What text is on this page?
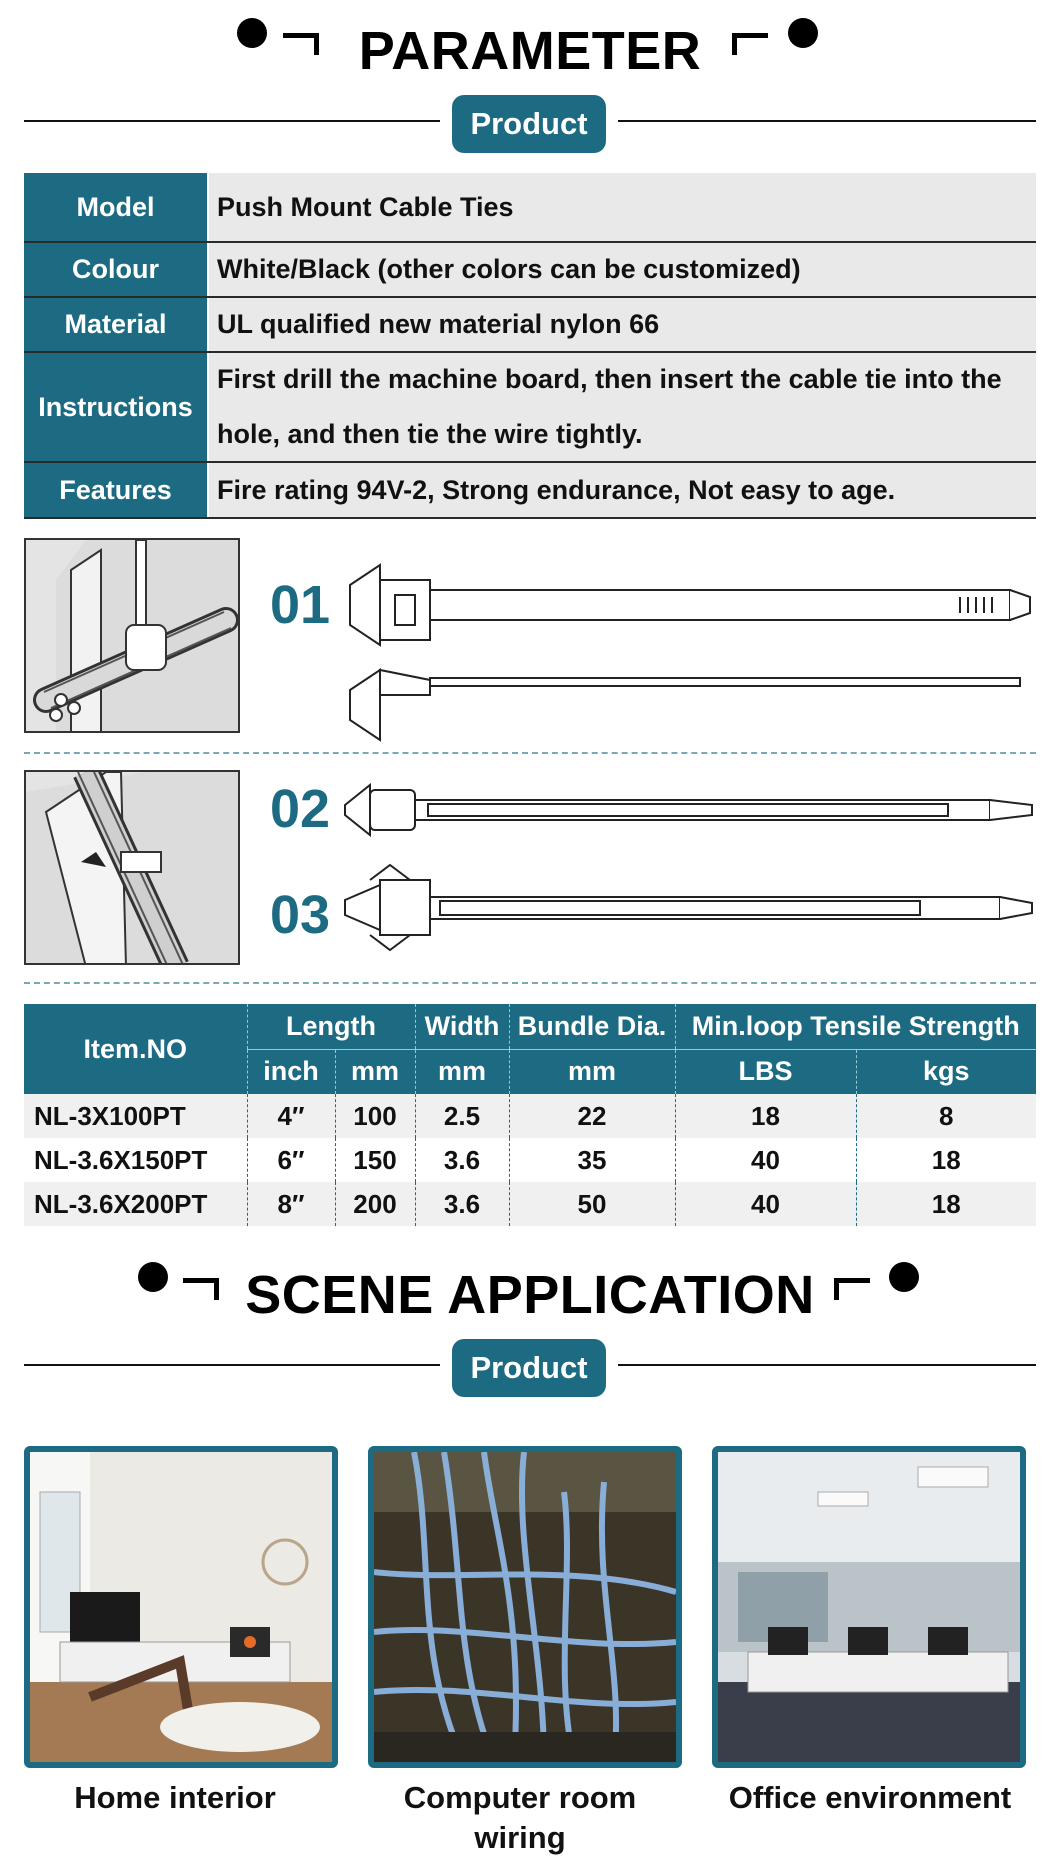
PARAMETER
Product
Model	Push Mount Cable Ties
Colour	White/Black (other colors can be customized)
Material	UL qualified new material nylon 66
Instructions
First drill the machine board, then insert the cable tie into the hole, and then tie the wire tightly.
Features	Fire rating 94V-2, Strong endurance, Not easy to age.
01
02
03
Item.NO	Length		Width	Bundle Dia.	Min.loop Tensile Strength	
	inch	mm	mm	mm	LBS	kgs
NL-3X100PT	4″	100	2.5	22	18	8
NL-3.6X150PT	6″	150	3.6	35	40	18
NL-3.6X200PT	8″	200	3.6	50	40	18
SCENE APPLICATION
Product
Home interior	Computer room wiring
Office environment
